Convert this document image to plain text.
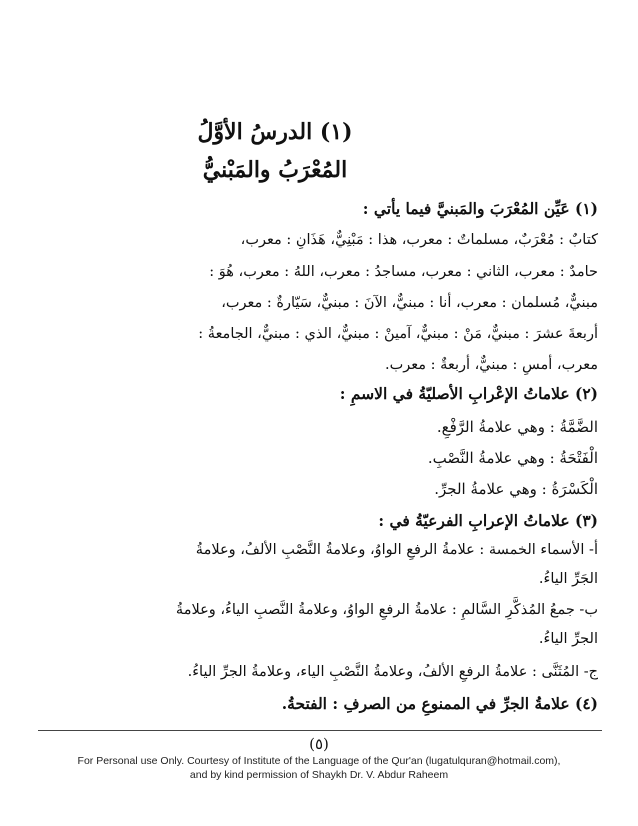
(١) الدرسُ الأوَّلُ
المُعْرَبُ والمَبْنيُّ
(١) عَيِّن المُعْرَبَ والمَبنيَّ فيما يأتي :
كتابٌ : مُعْرَبٌ، مسلماتٌ : معرب، هذا : مَبْنِيٌّ، هَذَانِ : معرب،
حامدٌ : معرب، الثاني : معرب، مساجدُ : معرب، اللهُ : معرب، هُوَ :
مبنيٌّ، مُسلمان : معرب، أنا : مبنيٌّ، الآنَ : مبنيٌّ، سَيّارةٌ : معرب،
أربعةَ عشرَ : مبنيٌّ، مَنْ : مبنيٌّ، آمينْ : مبنيٌّ، الذي : مبنيٌّ، الجامعةُ :
معرب، أمسِ : مبنيٌّ، أربعةٌ : معرب.
(٢) علاماتُ الإعْرابِ الأصليّةُ في الاسمِ :
الضَّمَّةُ : وهي علامةُ الرَّفْعِ.
الْفَتْحَةُ : وهي علامةُ النَّصْبِ.
الْكَسْرَةُ : وهي علامةُ الجرِّ.
(٣) علاماتُ الإعرابِ الفرعيّةُ في :
أ- الأسماء الخمسة : علامةُ الرفعِ الواوُ، وعلامةُ النَّصْبِ الألفُ، وعلامةُ
الجَرِّ الياءُ.
ب- جمعُ المُذكَّرِ السَّالمِ : علامةُ الرفعِ الواوُ، وعلامةُ النَّصبِ الياءُ، وعلامةُ
الجرِّ الياءُ.
ج- المُثَنَّى : علامةُ الرفعِ الألفُ، وعلامةُ النَّصْبِ الياء، وعلامةُ الجرِّ الياءُ.
(٤) علامةُ الجرِّ في الممنوعِ من الصرفِ : الفتحةُ.
(٥)
For Personal use Only. Courtesy of Institute of the Language of the Qur'an (lugatulquran@hotmail.com),
and by kind permission of Shaykh Dr. V. Abdur Raheem
